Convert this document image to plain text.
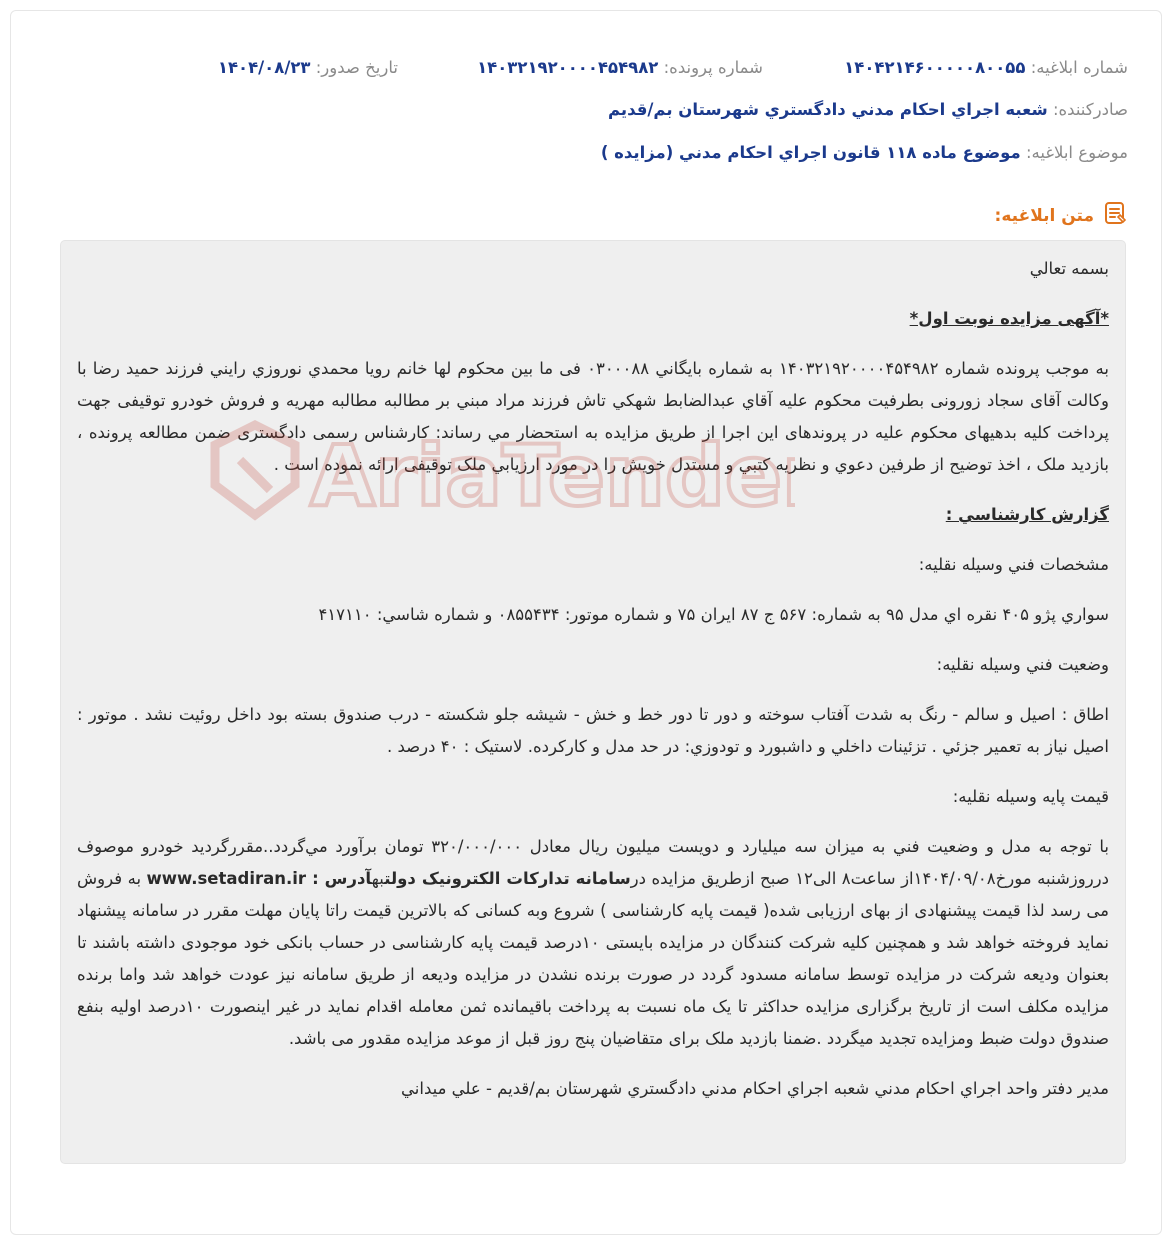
شماره ابلاغيه: ۱۴۰۴۲۱۴۶۰۰۰۰۰۸۰۰۵۵
شماره پرونده: ۱۴۰۳۲۱۹۲۰۰۰۰۴۵۴۹۸۲
تاريخ صدور: ۱۴۰۴/۰۸/۲۳
صادرکننده: شعبه اجراي احکام مدني دادگستري شهرستان بم/قديم
موضوع ابلاغيه: موضوع ماده ۱۱۸ قانون اجراي احکام مدني (مزايده )
متن ابلاغيه:

بسمه تعالي

*آگهی مزايده نوبت اول*

به موجب پرونده شماره ۱۴۰۳۲۱۹۲۰۰۰۰۴۵۴۹۸۲ به شماره بايگاني ۰۳۰۰۰۸۸ فی ما بين محکوم لها خانم رويا محمدي نوروزي رايني فرزند حميد رضا با وکالت آقای سجاد زورونی بطرفيت محکوم عليه آقاي عبدالضابط شهکي تاش فرزند مراد مبني بر مطالبه مطالبه مهريه و فروش خودرو توقيفی جهت پرداخت کليه بدهيهای محکوم عليه در پروندهای اين اجرا از طريق مزايده به استحضار مي رساند: کارشناس رسمی دادگستری ضمن مطالعه پرونده ، بازديد ملک ، اخذ توضيح از طرفين دعوي و نظريه کتبي و مستدل خويش را در مورد ارزيابي ملک توقيفی ارائه نموده است .

گزارش کارشناسي :

مشخصات فني وسيله نقليه:

سواري پژو ۴۰۵ نقره اي مدل ۹۵ به شماره: ۵۶۷ ج ۸۷ ایران ۷۵ و شماره موتور: ۰۸۵۵۴۳۴ و شماره شاسي: ۴۱۷۱۱۰

وضعيت فني وسيله نقليه:

اطاق : اصيل و سالم - رنگ به شدت آفتاب سوخته و دور تا دور خط و خش - شيشه جلو شکسته - درب صندوق بسته بود داخل روئيت نشد . موتور : اصيل نياز به تعمير جزئي . تزئينات داخلي و داشبورد و تودوزي: در حد مدل و کارکرده. لاستيک : ۴۰ درصد .

قيمت پايه وسيله نقليه:

با توجه به مدل و وضعيت فني به ميزان سه ميليارد و دويست ميليون ريال معادل ۳۲۰/۰۰۰/۰۰۰ تومان برآورد مي‌گردد..مقررگرديد خودرو موصوف درروزشنبه مورخ۱۴۰۴/۰۹/۰۸از ساعت۸ الی۱۲ صبح ازطريق مزايده درسامانه تدارکات الکترونيک دولتبهآدرس : www.setadiran.ir به فروش می رسد لذا قيمت پيشنهادی از بهای ارزيابی شده( قيمت پايه کارشناسی ) شروع وبه کسانی که بالاترين قيمت راتا پايان مهلت مقرر در سامانه پيشنهاد نمايد فروخته خواهد شد و همچنين کليه شرکت کنندگان در مزايده بايستی ۱۰درصد قيمت پايه کارشناسی در حساب بانکی خود موجودی داشته باشند تا بعنوان وديعه شرکت در مزايده توسط سامانه مسدود گردد در صورت برنده نشدن در مزايده وديعه از طريق سامانه نيز عودت خواهد شد واما برنده مزايده مکلف است از تاريخ برگزاری مزايده حداکثر تا يک ماه نسبت به پرداخت باقيمانده ثمن معامله اقدام نمايد در غير اينصورت ۱۰درصد اوليه بنفع صندوق دولت ضبط ومزايده تجديد ميگردد .ضمنا بازديد ملک برای متقاضيان پنج روز قبل از موعد مزايده مقدور می باشد.

مدير دفتر واحد اجراي احکام مدني شعبه اجراي احکام مدني دادگستري شهرستان بم/قديم - علي ميداني

AriaTende
